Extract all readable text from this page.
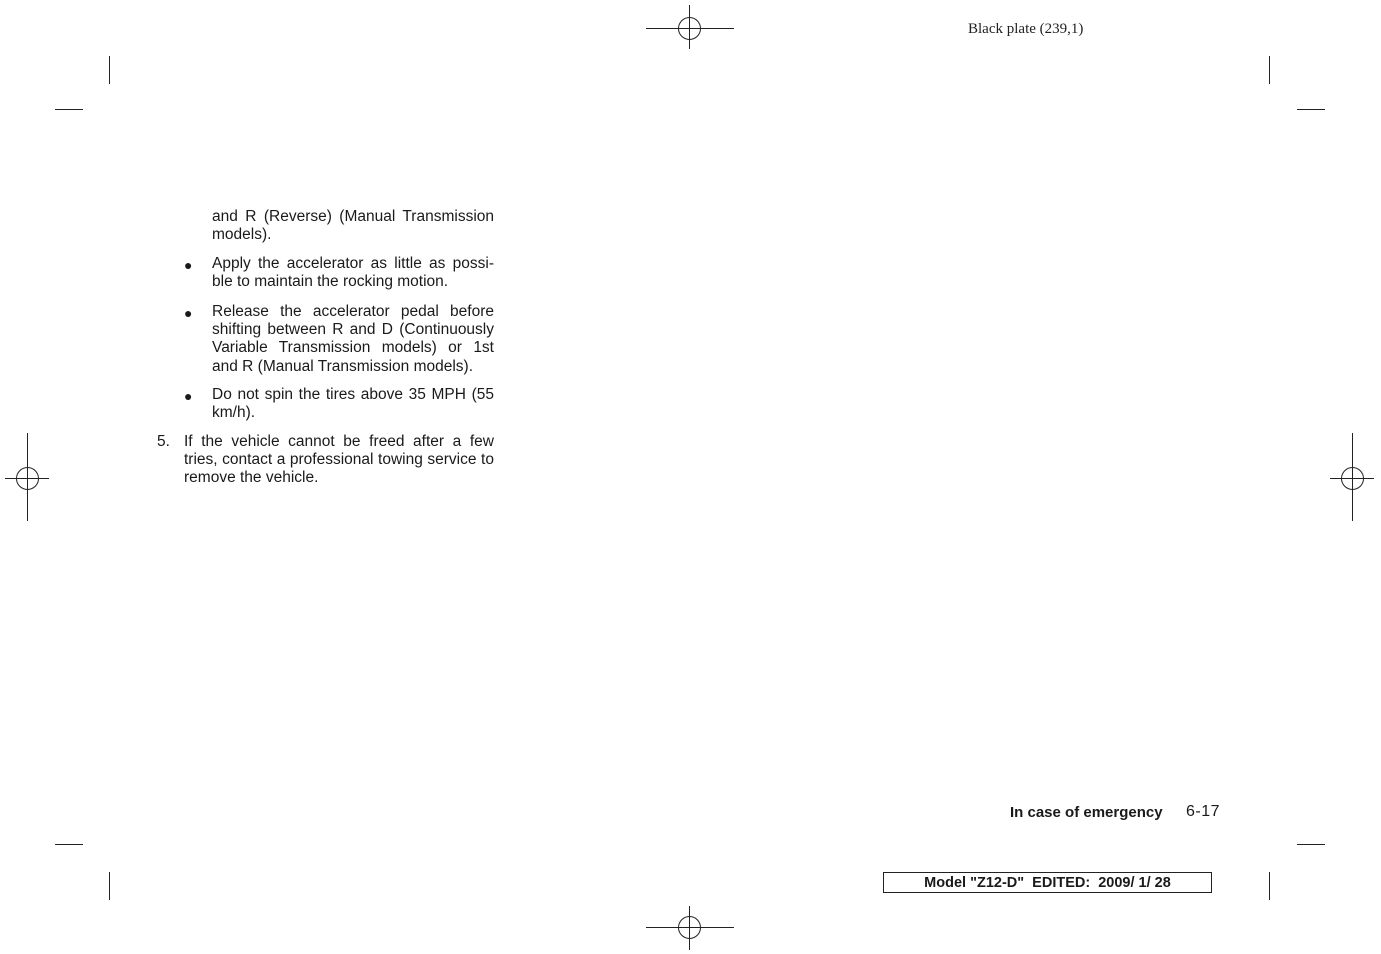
Black plate (239,1)
and R (Reverse) (Manual Transmission models).
● Apply the accelerator as little as possi-ble to maintain the rocking motion.
● Release the accelerator pedal before shifting between R and D (Continuously Variable Transmission models) or 1st and R (Manual Transmission models).
● Do not spin the tires above 35 MPH (55 km/h).
5. If the vehicle cannot be freed after a few tries, contact a professional towing service to remove the vehicle.
In case of emergency 6-17
Model "Z12-D"  EDITED:  2009/ 1/ 28
